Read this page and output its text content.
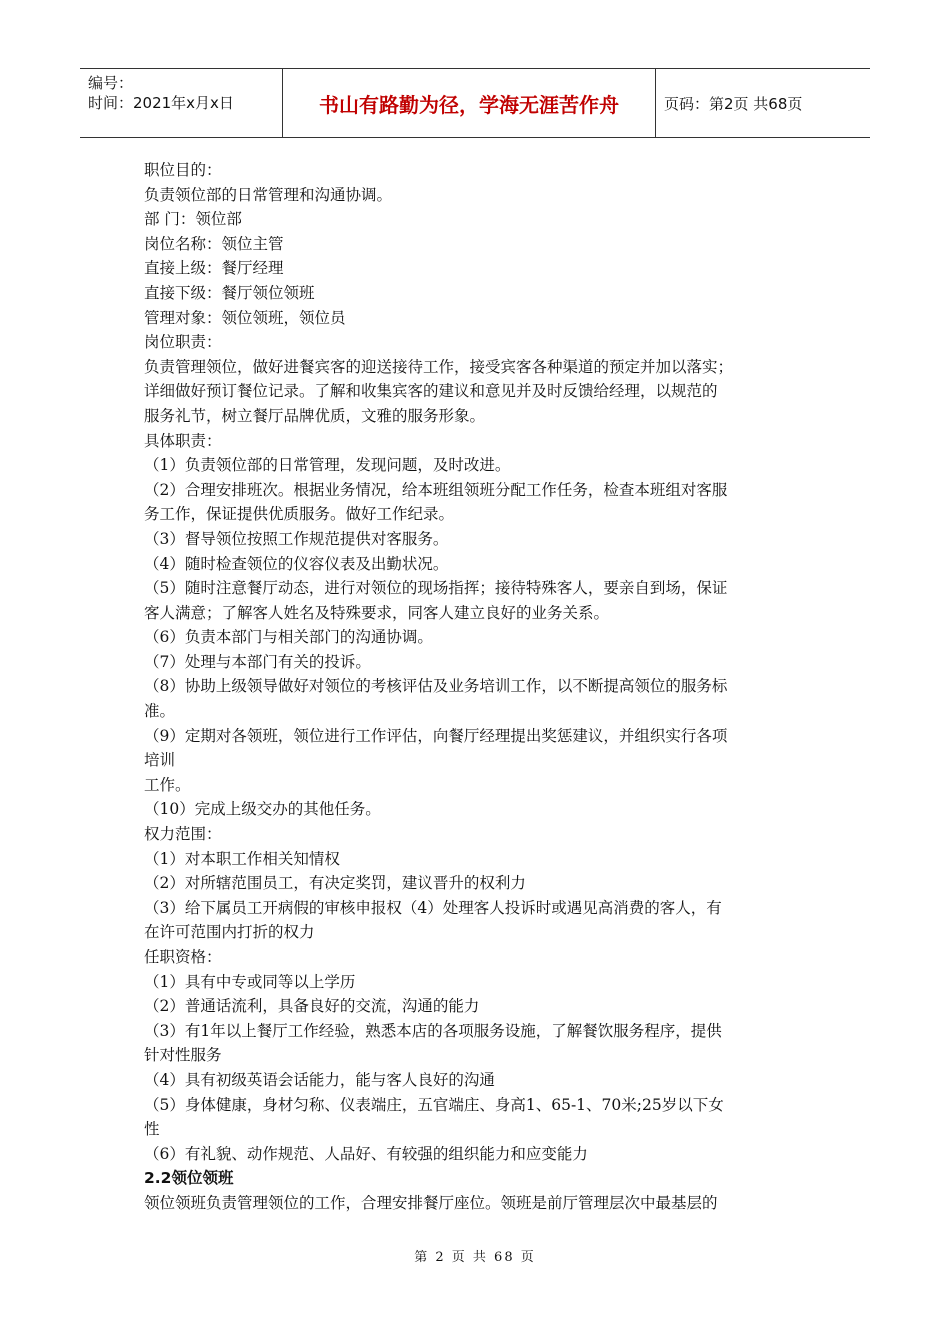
编号：
时间：2021年x月x日	书山有路勤为径，学海无涯苦作舟	页码：第2页 共68页
职位目的：
负责领位部的日常管理和沟通协调。
部 门：领位部
岗位名称：领位主管
直接上级：餐厅经理
直接下级：餐厅领位领班
管理对象：领位领班，领位员
岗位职责：
负责管理领位，做好进餐宾客的迎送接待工作，接受宾客各种渠道的预定并加以落实；
详细做好预订餐位记录。了解和收集宾客的建议和意见并及时反馈给经理，以规范的
服务礼节，树立餐厅品牌优质，文雅的服务形象。
具体职责：
（1）负责领位部的日常管理，发现问题，及时改进。
（2）合理安排班次。根据业务情况，给本班组领班分配工作任务，检查本班组对客服
务工作，保证提供优质服务。做好工作纪录。
（3）督导领位按照工作规范提供对客服务。
（4）随时检查领位的仪容仪表及出勤状况。
（5）随时注意餐厅动态，进行对领位的现场指挥；接待特殊客人，要亲自到场，保证
客人满意；了解客人姓名及特殊要求，同客人建立良好的业务关系。
（6）负责本部门与相关部门的沟通协调。
（7）处理与本部门有关的投诉。
（8）协助上级领导做好对领位的考核评估及业务培训工作，以不断提高领位的服务标
准。
（9）定期对各领班，领位进行工作评估，向餐厅经理提出奖惩建议，并组织实行各项
培训
工作。
（10）完成上级交办的其他任务。
权力范围：
（1）对本职工作相关知情权
（2）对所辖范围员工，有决定奖罚，建议晋升的权利力
（3）给下属员工开病假的审核申报权（4）处理客人投诉时或遇见高消费的客人，有
在许可范围内打折的权力
任职资格：
（1）具有中专或同等以上学历
（2）普通话流利，具备良好的交流，沟通的能力
（3）有1年以上餐厅工作经验，熟悉本店的各项服务设施，了解餐饮服务程序，提供
针对性服务
（4）具有初级英语会话能力，能与客人良好的沟通
（5）身体健康，身材匀称、仪表端庄，五官端庄、身高1、65-1、70米;25岁以下女
性
（6）有礼貌、动作规范、人品好、有较强的组织能力和应变能力
2.2领位领班
领位领班负责管理领位的工作，合理安排餐厅座位。领班是前厅管理层次中最基层的
第 2 页 共 68 页
